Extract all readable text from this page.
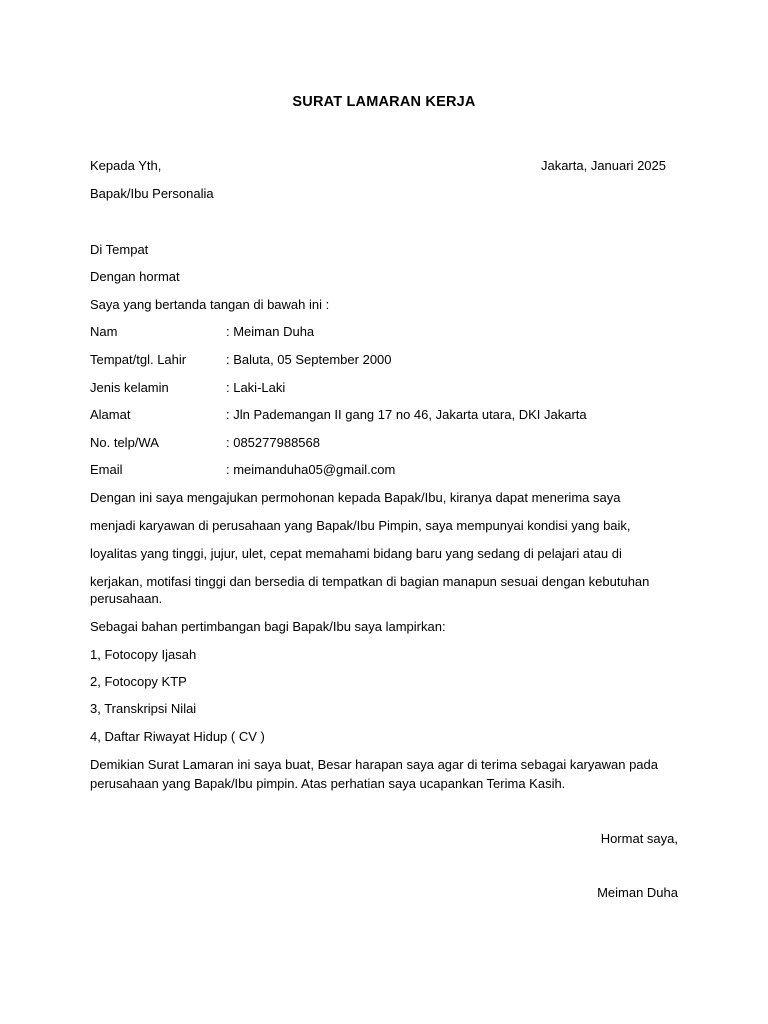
SURAT LAMARAN KERJA
Kepada Yth,	Jakarta, Januari 2025
Bapak/Ibu Personalia
Di Tempat
Dengan hormat
Saya yang bertanda tangan di bawah ini :
Nam	: Meiman Duha
Tempat/tgl. Lahir	: Baluta, 05 September 2000
Jenis kelamin	: Laki-Laki
Alamat	: Jln Pademangan II gang 17 no 46, Jakarta utara, DKI Jakarta
No. telp/WA	: 085277988568
Email	: meimanduha05@gmail.com
Dengan ini saya mengajukan permohonan kepada Bapak/Ibu, kiranya dapat menerima saya
menjadi karyawan di perusahaan yang Bapak/Ibu Pimpin, saya mempunyai kondisi yang baik,
loyalitas yang tinggi, jujur, ulet, cepat memahami bidang baru yang sedang di pelajari atau di
kerjakan, motifasi tinggi dan bersedia di tempatkan di bagian manapun sesuai dengan kebutuhan
perusahaan.
Sebagai bahan pertimbangan bagi Bapak/Ibu saya lampirkan:
1, Fotocopy Ijasah
2, Fotocopy KTP
3, Transkripsi Nilai
4, Daftar Riwayat Hidup ( CV )
Demikian Surat Lamaran ini saya buat, Besar harapan saya agar di terima sebagai karyawan pada
perusahaan yang Bapak/Ibu pimpin. Atas perhatian saya ucapankan Terima Kasih.
Hormat saya,
Meiman Duha
